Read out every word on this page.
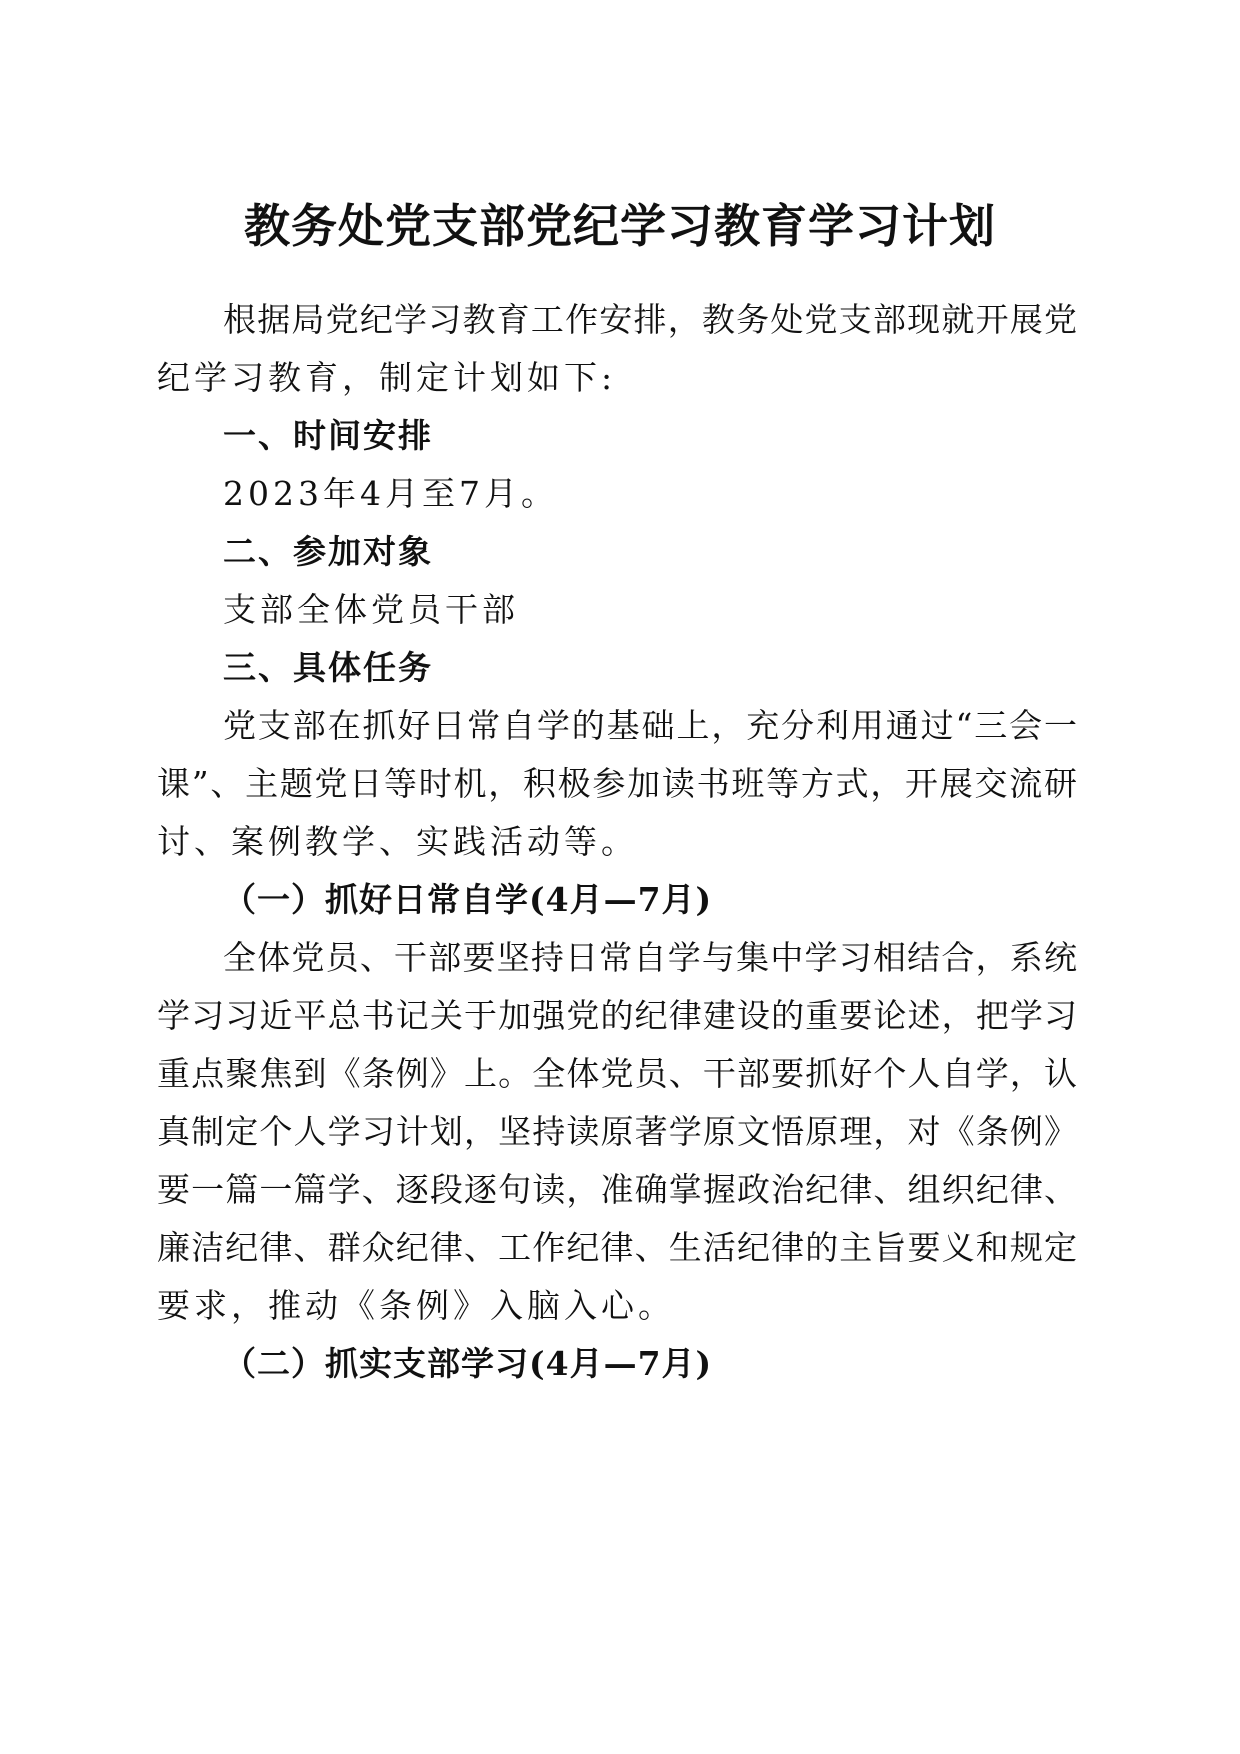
教务处党支部党纪学习教育学习计划
根据局党纪学习教育工作安排，教务处党支部现就开展党
纪学习教育，制定计划如下:
一、时间安排
2023年4月至7月。
二、参加对象
支部全体党员干部
三、具体任务
党支部在抓好日常自学的基础上，充分利用通过“三会一
课”、主题党日等时机，积极参加读书班等方式，开展交流研
讨、案例教学、实践活动等。
（一）抓好日常自学(4月—7月)
全体党员、干部要坚持日常自学与集中学习相结合，系统
学习习近平总书记关于加强党的纪律建设的重要论述，把学习
重点聚焦到《条例》上。全体党员、干部要抓好个人自学，认
真制定个人学习计划，坚持读原著学原文悟原理，对《条例》
要一篇一篇学、逐段逐句读，准确掌握政治纪律、组织纪律、
廉洁纪律、群众纪律、工作纪律、生活纪律的主旨要义和规定
要求，推动《条例》入脑入心。
（二）抓实支部学习(4月—7月)
